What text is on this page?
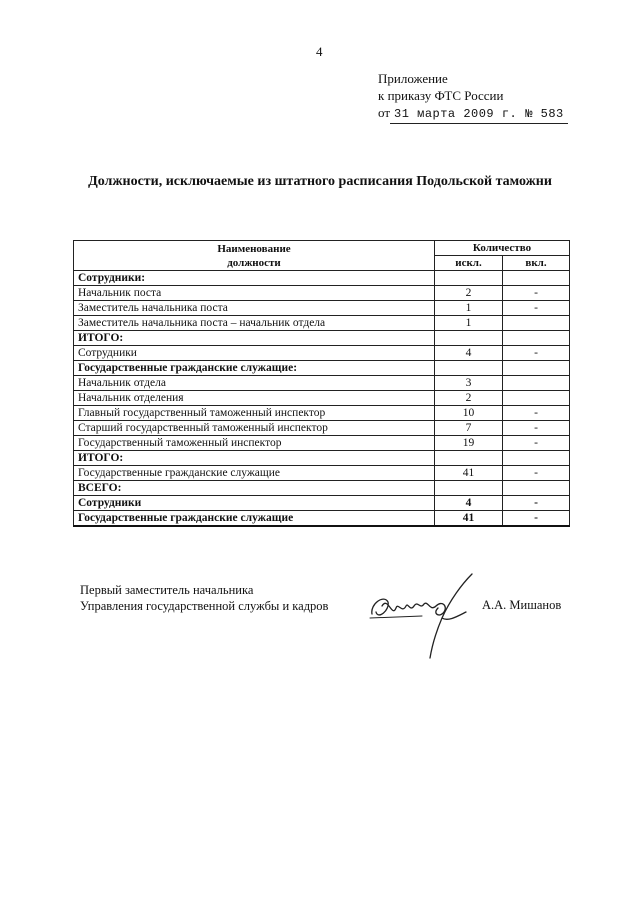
4
Приложение
к приказу ФТС России
от 31 марта 2009 г. № 583
Должности, исключаемые из штатного расписания Подольской таможни
Наименование
должности	Количество	
	искл.	вкл.
Сотрудники:		
Начальник поста	2	-
Заместитель начальника поста	1	-
Заместитель начальника поста – начальник отдела	1	
ИТОГО:		
Сотрудники	4	-
Государственные гражданские служащие:		
Начальник отдела	3	
Начальник отделения	2	
Главный государственный таможенный инспектор	10	-
Старший государственный таможенный инспектор	7	-
Государственный таможенный инспектор	19	-
ИТОГО:		
Государственные гражданские служащие	41	-
ВСЕГО:		
Сотрудники	4	-
Государственные гражданские служащие	41	-
Первый заместитель начальника
Управления государственной службы и кадров	А.А. Мишанов
